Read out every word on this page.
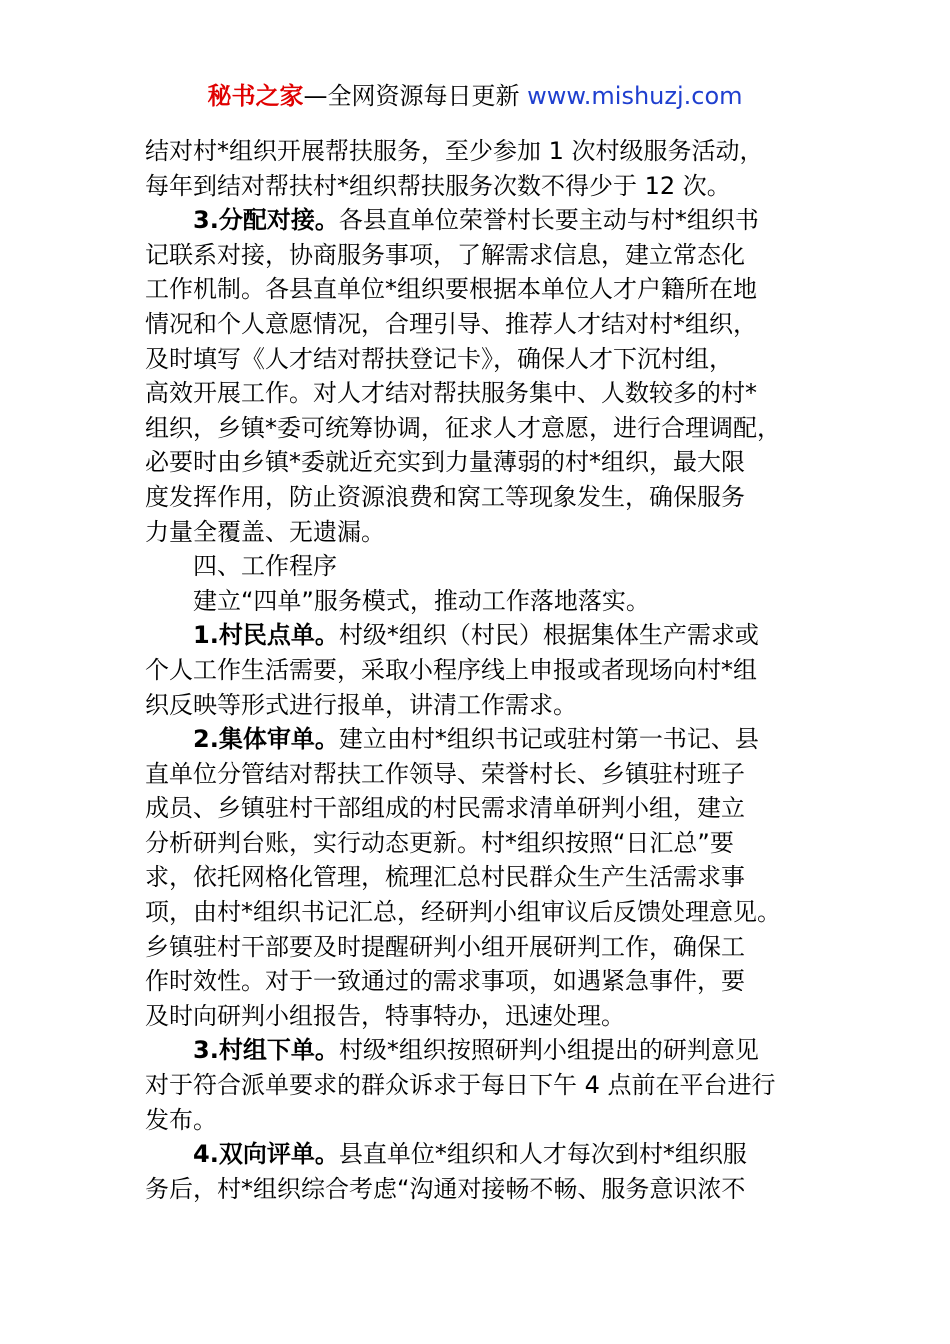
秘书之家—全网资源每日更新 www.mishuzj.com
结对村*组织开展帮扶服务，至少参加 1 次村级服务活动，
每年到结对帮扶村*组织帮扶服务次数不得少于 12 次。
3.分配对接。各县直单位荣誉村长要主动与村*组织书
记联系对接，协商服务事项，了解需求信息，建立常态化
工作机制。各县直单位*组织要根据本单位人才户籍所在地
情况和个人意愿情况，合理引导、推荐人才结对村*组织，
及时填写《人才结对帮扶登记卡》，确保人才下沉村组，
高效开展工作。对人才结对帮扶服务集中、人数较多的村*
组织，乡镇*委可统筹协调，征求人才意愿，进行合理调配，
必要时由乡镇*委就近充实到力量薄弱的村*组织，最大限
度发挥作用，防止资源浪费和窝工等现象发生，确保服务
力量全覆盖、无遗漏。
四、工作程序
建立“四单”服务模式，推动工作落地落实。
1.村民点单。村级*组织（村民）根据集体生产需求或
个人工作生活需要，采取小程序线上申报或者现场向村*组
织反映等形式进行报单，讲清工作需求。
2.集体审单。建立由村*组织书记或驻村第一书记、县
直单位分管结对帮扶工作领导、荣誉村长、乡镇驻村班子
成员、乡镇驻村干部组成的村民需求清单研判小组，建立
分析研判台账，实行动态更新。村*组织按照“日汇总”要
求，依托网格化管理，梳理汇总村民群众生产生活需求事
项，由村*组织书记汇总，经研判小组审议后反馈处理意见。
乡镇驻村干部要及时提醒研判小组开展研判工作，确保工
作时效性。对于一致通过的需求事项，如遇紧急事件，要
及时向研判小组报告，特事特办，迅速处理。
3.村组下单。村级*组织按照研判小组提出的研判意见
对于符合派单要求的群众诉求于每日下午 4 点前在平台进行
发布。
4.双向评单。县直单位*组织和人才每次到村*组织服
务后，村*组织综合考虑“沟通对接畅不畅、服务意识浓不
